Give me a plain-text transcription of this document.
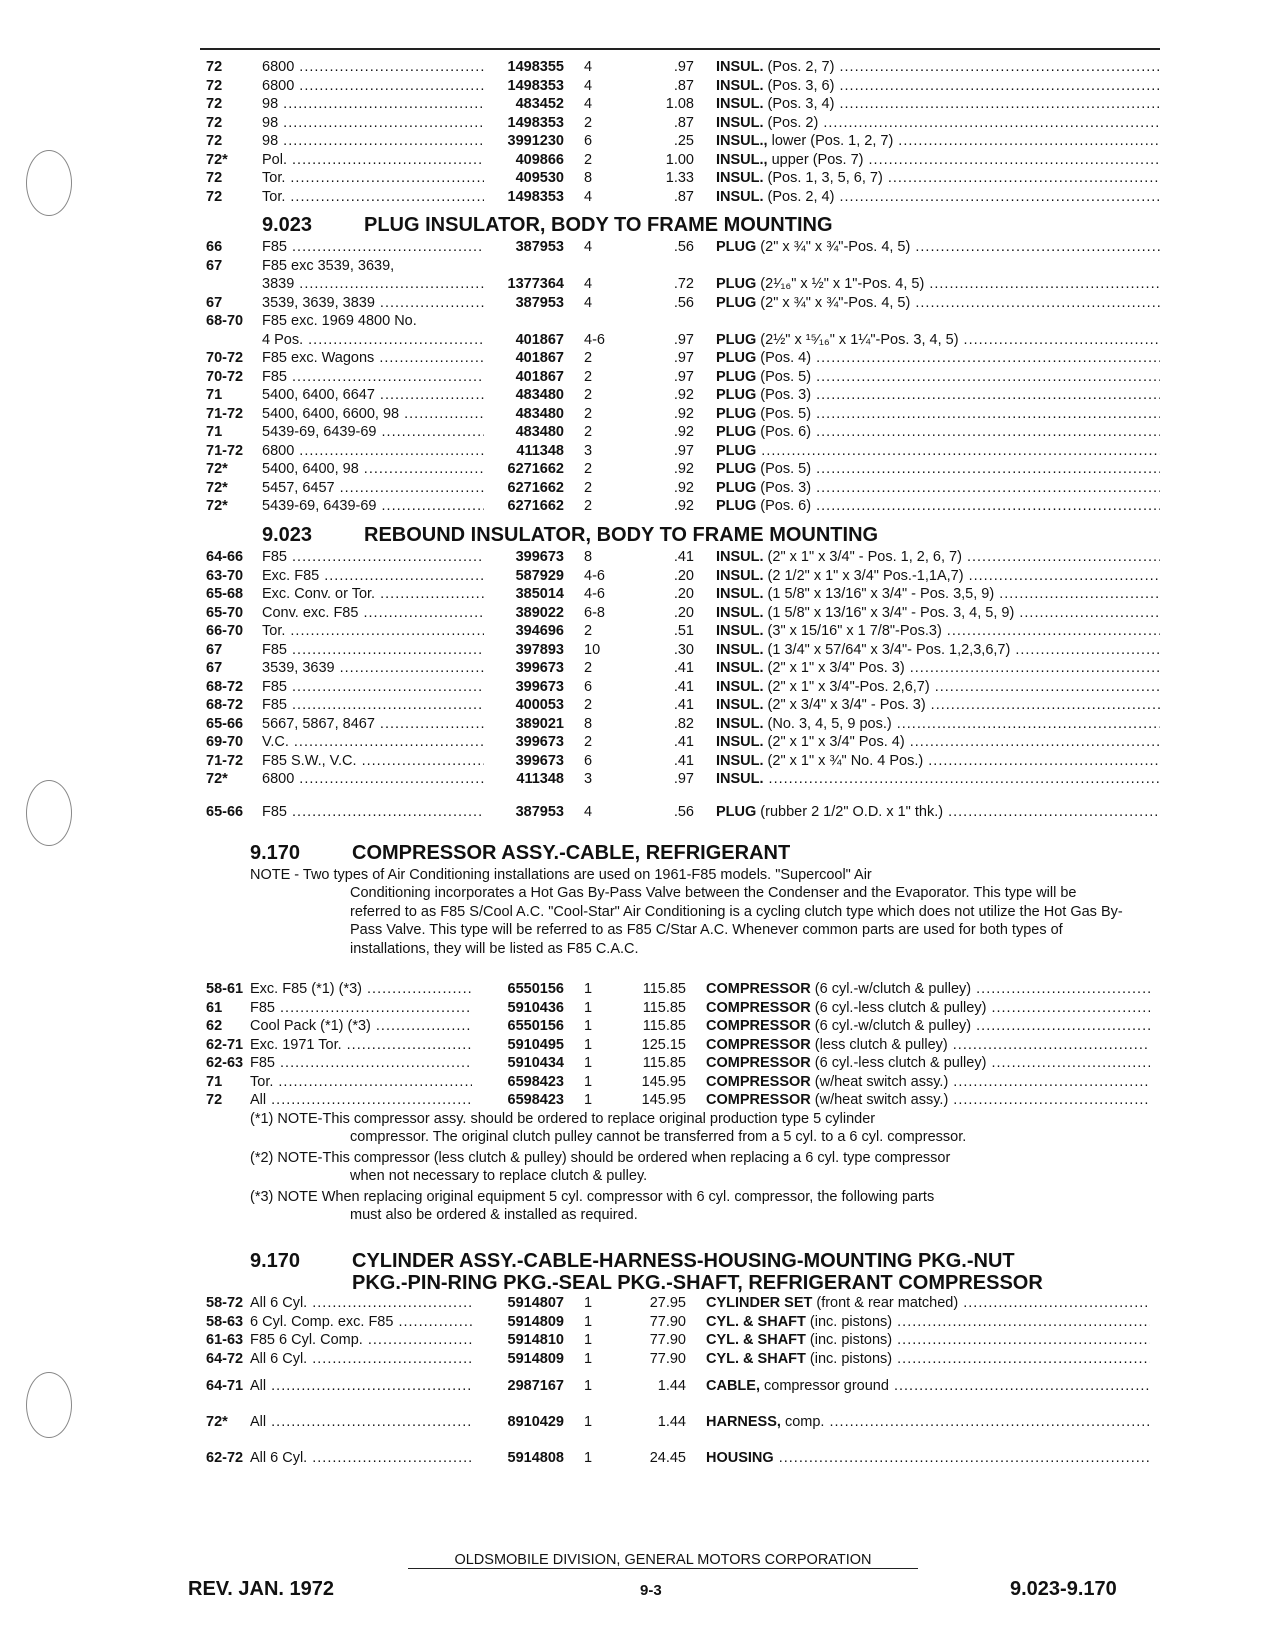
72	6800 .....	1498355 4	.97 INSUL. (Pos. 2, 7) .....
72	6800 .....	1498353 4	.87 INSUL. (Pos. 3, 6) .....
72	98 .....	483452 4	1.08 INSUL. (Pos. 3, 4) .....
72	98 .....	1498353 2	.87 INSUL. (Pos. 2) .....
72	98 .....	3991230 6	.25 INSUL., lower (Pos. 1, 2, 7) .....
72* Pol. .....	409866 2	1.00 INSUL., upper (Pos. 7) .....
72	Tor. .....	409530 8	1.33 INSUL. (Pos. 1, 3, 5, 6, 7) .....
72	Tor. .....	1498353 4	.87 INSUL. (Pos. 2, 4) .....
9.023	PLUG INSULATOR, BODY TO FRAME MOUNTING
66	F85 .....	387953 4	.56 PLUG (2" x ¾" x ¾"-Pos. 4, 5) .....
67	F85 exc 3539, 3639,
3839 .....	1377364 4	.72 PLUG (2¹⁄₁₆" x ½" x 1"-Pos. 4, 5) .....
67	3539, 3639, 3839 .....	387953 4	.56 PLUG (2" x ¾" x ¾"-Pos. 4, 5) .....
68-70 F85 exc. 1969 4800 No.
4 Pos. .....	401867 4-6	.97 PLUG (2½" x ¹⁵⁄₁₆" x 1¼"-Pos. 3, 4, 5) .....
70-72 F85 exc. Wagons .....	401867 2	.97 PLUG (Pos. 4) .....
70-72 F85 .....	401867 2	.97 PLUG (Pos. 5) .....
71	5400, 6400, 6647 .....	483480 2	.92 PLUG (Pos. 3) .....
71-72 5400, 6400, 6600, 98 .....	483480 2	.92 PLUG (Pos. 5) .....
71	5439-69, 6439-69 .....	483480 2	.92 PLUG (Pos. 6) .....
71-72 6800 .....	411348 3	.97 PLUG .....
72* 5400, 6400, 98 .....	6271662 2	.92 PLUG (Pos. 5) .....
72* 5457, 6457 .....	6271662 2	.92 PLUG (Pos. 3) .....
72* 5439-69, 6439-69 .....	6271662 2	.92 PLUG (Pos. 6) .....
9.023	REBOUND INSULATOR, BODY TO FRAME MOUNTING
64-66 F85 .....	399673 8	.41 INSUL. (2" x 1" x 3/4" - Pos. 1, 2, 6, 7) .....
63-70 Exc. F85 .....	587929 4-6	.20 INSUL. (2 1/2" x 1" x 3/4" Pos.-1,1A,7) .....
65-68 Exc. Conv. or Tor. .....	385014 4-6	.20 INSUL. (1 5/8" x 13/16" x 3/4" - Pos. 3,5, 9) .....
65-70 Conv. exc. F85 .....	389022 6-8	.20 INSUL. (1 5/8" x 13/16" x 3/4" - Pos. 3, 4, 5, 9) .....
66-70 Tor. .....	394696 2	.51 INSUL. (3" x 15/16" x 1 7/8"-Pos.3) .....
67	F85 .....	397893 10	.30 INSUL. (1 3/4" x 57/64" x 3/4"- Pos. 1,2,3,6,7) .....
67	3539, 3639 .....	399673 2	.41 INSUL. (2" x 1" x 3/4" Pos. 3) .....
68-72 F85 .....	399673 6	.41 INSUL. (2" x 1" x 3/4"-Pos. 2,6,7) .....
68-72 F85 .....	400053 2	.41 INSUL. (2" x 3/4" x 3/4" - Pos. 3) .....
65-66 5667, 5867, 8467 .....	389021 8	.82 INSUL. (No. 3, 4, 5, 9 pos.) .....
69-70 V.C. .....	399673 2	.41 INSUL. (2" x 1" x 3/4" Pos. 4) .....
71-72 F85 S.W., V.C. .....	399673 6	.41 INSUL. (2" x 1" x ¾" No. 4 Pos.) .....
72* 6800 .....	411348 3	.97 INSUL. .....
65-66 F85 .....	387953 4	.56 PLUG (rubber 2 1/2" O.D. x 1" thk.) .....
9.170	COMPRESSOR ASSY.-CABLE, REFRIGERANT
NOTE - Two types of Air Conditioning installations are used on 1961-F85 models. "Supercool" Air
Conditioning incorporates a Hot Gas By-Pass Valve between the Condenser and the Evaporator. This type will be referred to as F85 S/Cool A.C. "Cool-Star" Air Conditioning is a cycling clutch type which does not utilize the Hot Gas By-Pass Valve. This type will be referred to as F85 C/Star A.C. Whenever common parts are used for both types of installations, they will be listed as F85 C.A.C.
58-61 Exc. F85 (*1) (*3) .....	6550156 1	115.85 COMPRESSOR (6 cyl.-w/clutch & pulley) .....
61 F85 .....	5910436 1	115.85 COMPRESSOR (6 cyl.-less clutch & pulley) .....
62 Cool Pack (*1) (*3) .....	6550156 1	115.85 COMPRESSOR (6 cyl.-w/clutch & pulley) .....
62-71 Exc. 1971 Tor. .....	5910495 1	125.15 COMPRESSOR (less clutch & pulley) .....
62-63 F85 .....	5910434 1	115.85 COMPRESSOR (6 cyl.-less clutch & pulley) .....
71 Tor. .....	6598423 1	145.95 COMPRESSOR (w/heat switch assy.) .....
72 All .....	6598423 1	145.95 COMPRESSOR (w/heat switch assy.) .....
(*1) NOTE-This compressor assy. should be ordered to replace original production type 5 cylinder
compressor. The original clutch pulley cannot be transferred from a 5 cyl. to a 6 cyl. compressor.
(*2) NOTE-This compressor (less clutch & pulley) should be ordered when replacing a 6 cyl. type compressor
when not necessary to replace clutch & pulley.
(*3) NOTE When replacing original equipment 5 cyl. compressor with 6 cyl. compressor, the following parts
must also be ordered & installed as required.
9.170	CYLINDER ASSY.-CABLE-HARNESS-HOUSING-MOUNTING PKG.-NUT
PKG.-PIN-RING PKG.-SEAL PKG.-SHAFT, REFRIGERANT COMPRESSOR
58-72 All 6 Cyl. .....	5914807 1	27.95 CYLINDER SET (front & rear matched) .....
58-63 6 Cyl. Comp. exc. F85 .....	5914809 1	77.90 CYL. & SHAFT (inc. pistons) .....
61-63 F85 6 Cyl. Comp. .....	5914810 1	77.90 CYL. & SHAFT (inc. pistons) .....
64-72 All 6 Cyl. .....	5914809 1	77.90 CYL. & SHAFT (inc. pistons) .....
64-71 All .....	2987167 1	1.44 CABLE, compressor ground .....
72* All .....	8910429 1	1.44 HARNESS, comp. .....
62-72 All 6 Cyl. .....	5914808 1	24.45 HOUSING .....
OLDSMOBILE DIVISION, GENERAL MOTORS CORPORATION
REV. JAN. 1972	9-3	9.023-9.170
